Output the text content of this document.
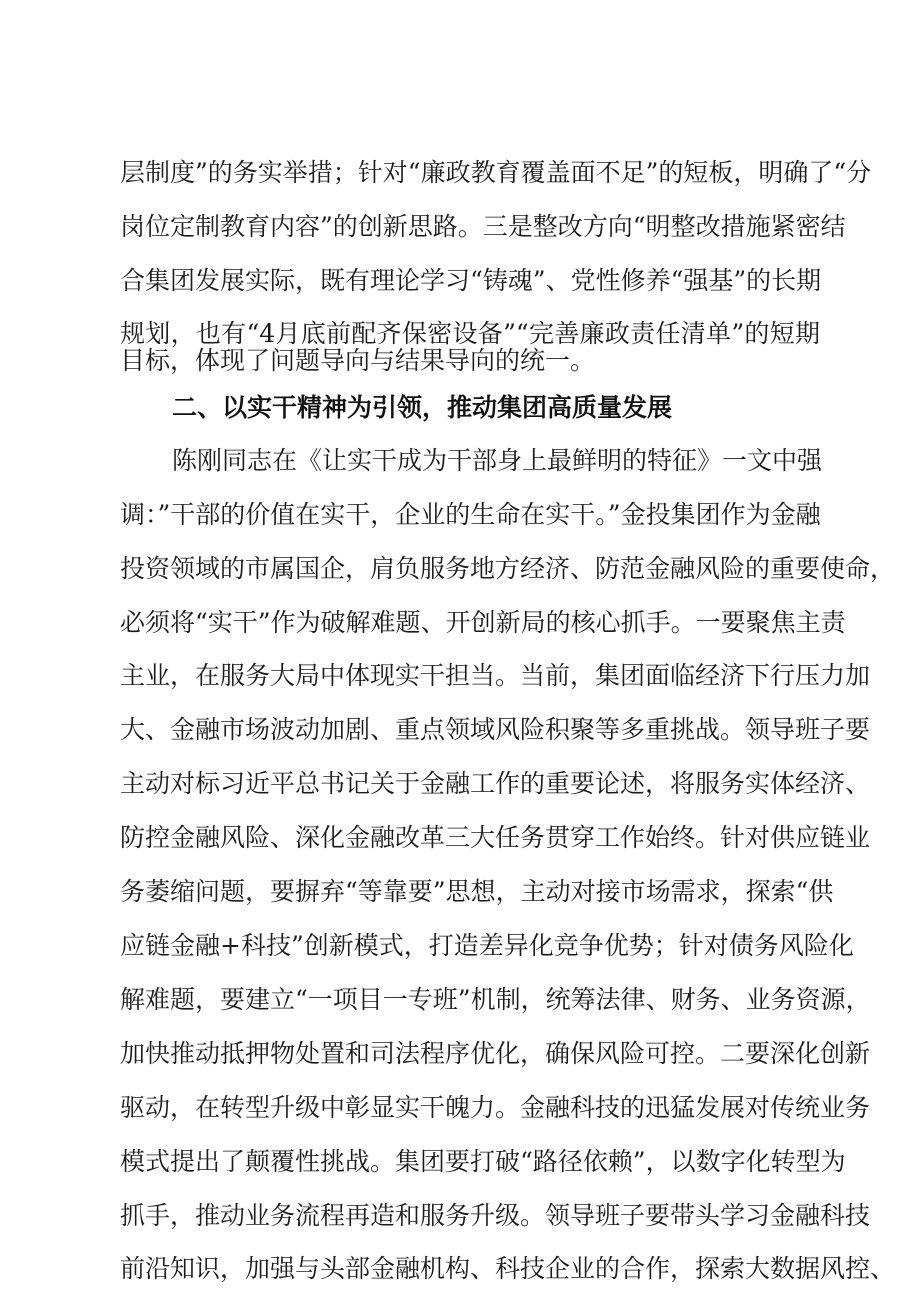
层制度”的务实举措；针对“廉政教育覆盖面不足”的短板，明确了“分
岗位定制教育内容”的创新思路。三是整改方向“明整改措施紧密结
合集团发展实际，既有理论学习“铸魂”、党性修养“强基”的长期
规划，也有“4月底前配齐保密设备”“完善廉政责任清单”的短期
目标，体现了问题导向与结果导向的统一。
二、以实干精神为引领，推动集团高质量发展
陈刚同志在《让实干成为干部身上最鲜明的特征》一文中强
调：”干部的价值在实干，企业的生命在实干。”金投集团作为金融
投资领域的市属国企，肩负服务地方经济、防范金融风险的重要使命，
必须将“实干”作为破解难题、开创新局的核心抓手。一要聚焦主责
主业，在服务大局中体现实干担当。当前，集团面临经济下行压力加
大、金融市场波动加剧、重点领域风险积聚等多重挑战。领导班子要
主动对标习近平总书记关于金融工作的重要论述，将服务实体经济、
防控金融风险、深化金融改革三大任务贯穿工作始终。针对供应链业
务萎缩问题，要摒弃“等靠要”思想，主动对接市场需求，探索“供
应链金融+科技”创新模式，打造差异化竞争优势；针对债务风险化
解难题，要建立“一项目一专班”机制，统筹法律、财务、业务资源，
加快推动抵押物处置和司法程序优化，确保风险可控。二要深化创新
驱动，在转型升级中彰显实干魄力。金融科技的迅猛发展对传统业务
模式提出了颠覆性挑战。集团要打破“路径依赖”，以数字化转型为
抓手，推动业务流程再造和服务升级。领导班子要带头学习金融科技
前沿知识，加强与头部金融机构、科技企业的合作，探索大数据风控、
